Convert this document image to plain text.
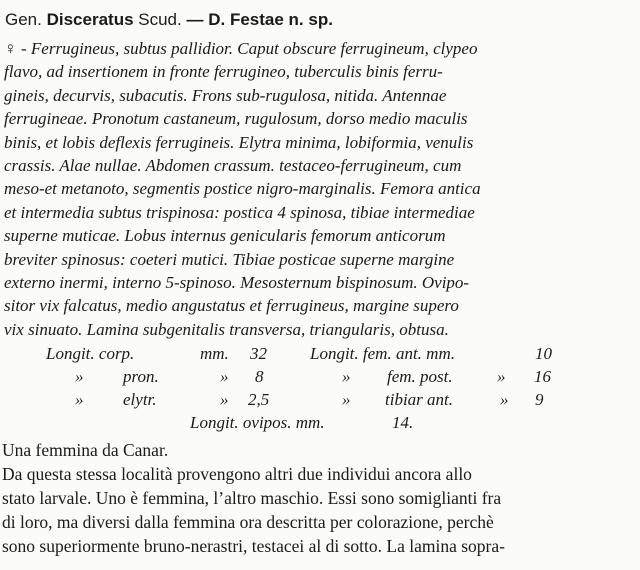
Gen. Disceratus Scud. — D. Festae n. sp.
♀ - Ferrugineus, subtus pallidior. Caput obscure ferrugineum, clypeo
flavo, ad insertionem in fronte ferrugineo, tuberculis binis ferru-
gineis, decurvis, subacutis. Frons sub-rugulosa, nitida. Antennae
ferrugineae. Pronotum castaneum, rugulosum, dorso medio maculis
binis, et lobis deflexis ferrugineis. Elytra minima, lobiformia, venulis
crassis. Alae nullae. Abdomen crassum. testaceo-ferrugineum, cum
meso-et metanoto, segmentis postice nigro-marginalis. Femora antica
et intermedia subtus trispinosa: postica 4 spinosa, tibiae intermediae
superne muticae. Lobus internus genicularis femorum anticorum
breviter spinosus: coeteri mutici. Tibiae posticae superne margine
externo inermi, interno 5-spinoso. Mesosternum bispinosum. Ovipo-
sitor vix falcatus, medio angustatus et ferrugineus, margine supero
vix sinuato. Lamina subgenitalis transversa, triangularis, obtusa.
Longit. corp.	mm. 32	Longit. fem. ant. mm.	10
» pron.	» 8	» fem. post.	» 16
» elytr.	» 2,5	» tibiar ant.	» 9
Longit. ovipos. mm.	14.
Una femmina da Canar.
Da questa stessa località provengono altri due individui ancora allo
stato larvale. Uno è femmina, l’altro maschio. Essi sono somiglianti fra
di loro, ma diversi dalla femmina ora descritta per colorazione, perchè
sono superiormente bruno-nerastri, testacei al di sotto. La lamina sopra-
